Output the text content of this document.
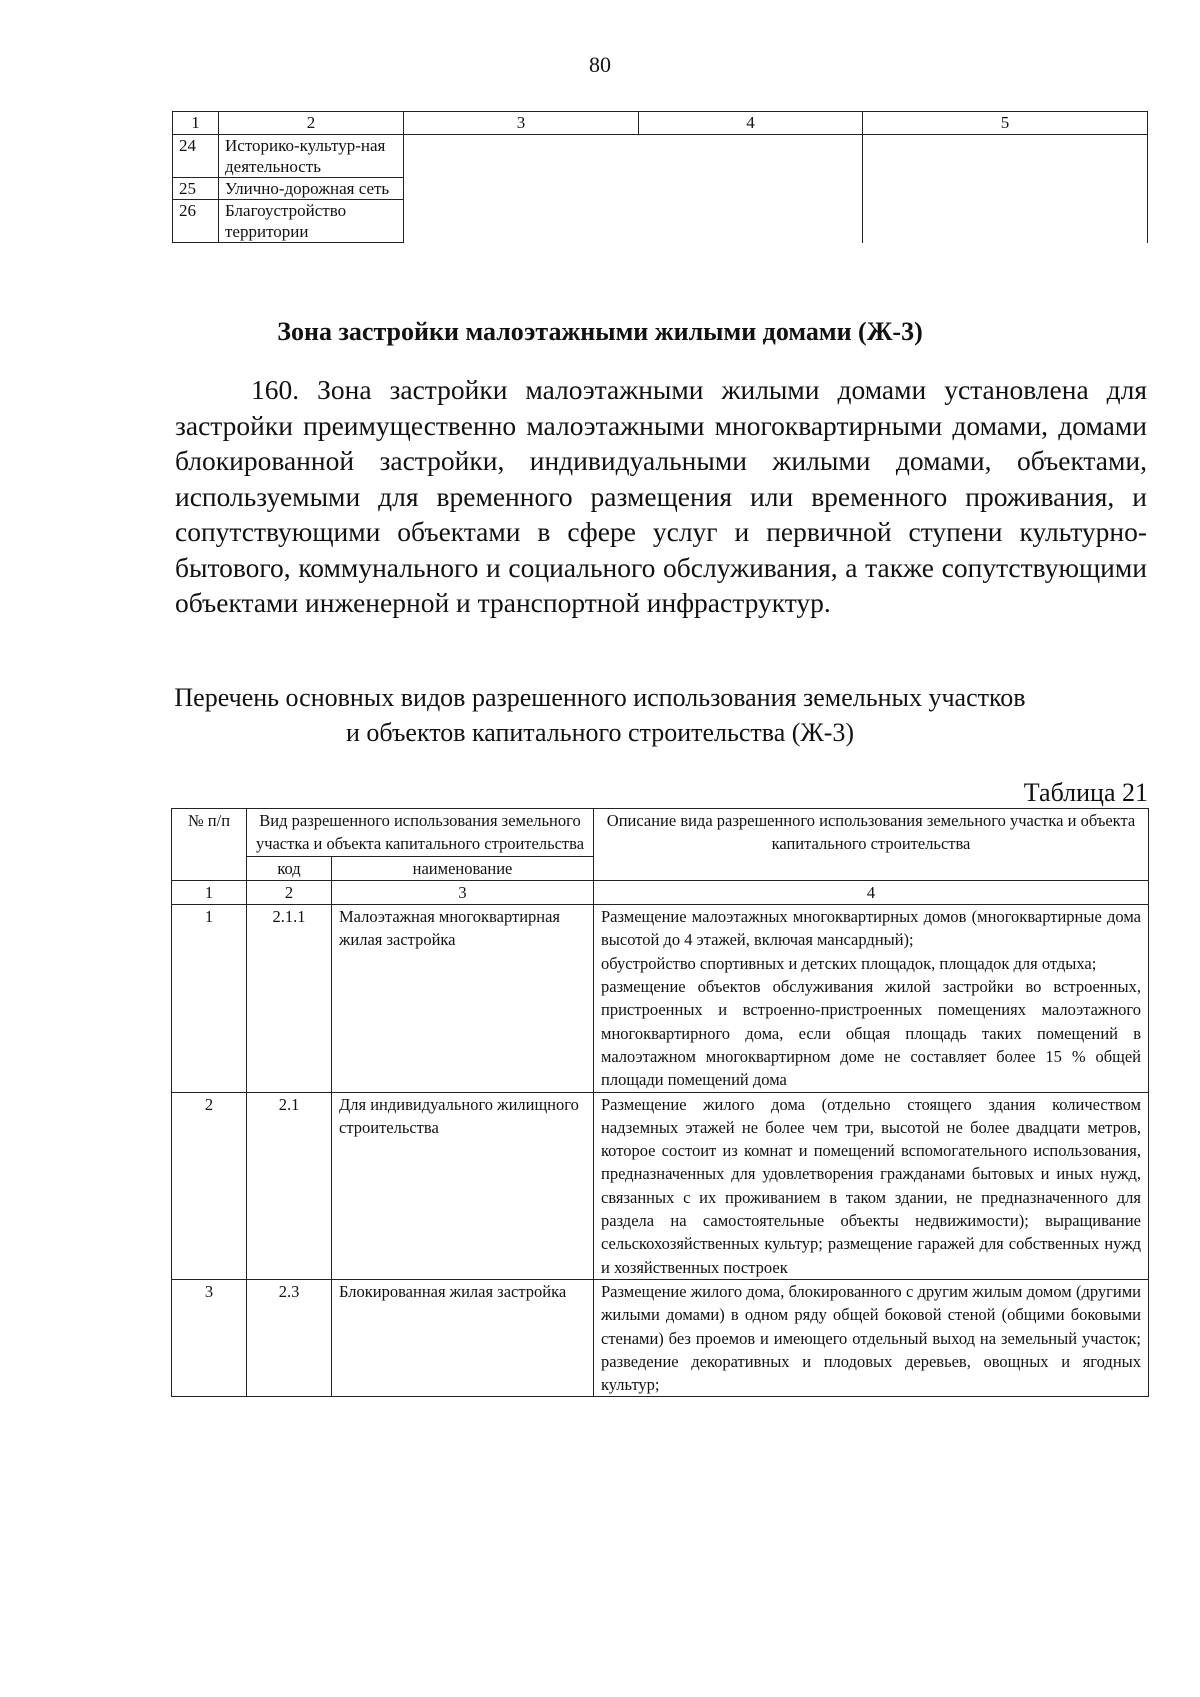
80
1	2	3	4	5
24	Историко-культур-ная деятельность			
25	Улично-дорожная сеть			
26	Благоустройство территории			
Зона застройки малоэтажными жилыми домами (Ж-3)

160. Зона застройки малоэтажными жилыми домами установлена для застройки преимущественно малоэтажными многоквартирными домами, домами блокированной застройки, индивидуальными жилыми домами, объектами, используемыми для временного размещения или временного проживания, и сопутствующими объектами в сфере услуг и первичной ступени культурно-бытового, коммунального и социального обслуживания, а также сопутствующими объектами инженерной и транспортной инфраструктур.

Перечень основных видов разрешенного использования земельных участков
и объектов капитального строительства (Ж-3)
Таблица 21
№ п/п	Вид разрешенного использования земельного участка и объекта капитального строительства		Описание вида разрешенного использования земельного участка и объекта капитального строительства
	код	наименование	
1	2	3	4
1	2.1.1	Малоэтажная многоквартирная жилая застройка	Размещение малоэтажных многоквартирных домов (многоквартирные дома высотой до 4 этажей, включая мансардный);
обустройство спортивных и детских площадок, площадок для отдыха;
размещение объектов обслуживания жилой застройки во встроенных, пристроенных и встроенно-пристроенных помещениях малоэтажного многоквартирного дома, если общая площадь таких помещений в малоэтажном многоквартирном доме не составляет более 15 % общей площади помещений дома

2	2.1	Для индивидуального жилищного строительства	Размещение жилого дома (отдельно стоящего здания количеством надземных этажей не более чем три, высотой не более двадцати метров, которое состоит из комнат и помещений вспомогательного использования, предназначенных для удовлетворения гражданами бытовых и иных нужд, связанных с их проживанием в таком здании, не предназначенного для раздела на самостоятельные объекты недвижимости); выращивание сельскохозяйственных культур; размещение гаражей для собственных нужд и хозяйственных построек

3	2.3	Блокированная жилая застройка	Размещение жилого дома, блокированного с другим жилым домом (другими жилыми домами) в одном ряду общей боковой стеной (общими боковыми стенами) без проемов и имеющего отдельный выход на земельный участок; разведение декоративных и плодовых деревьев, овощных и ягодных культур;
